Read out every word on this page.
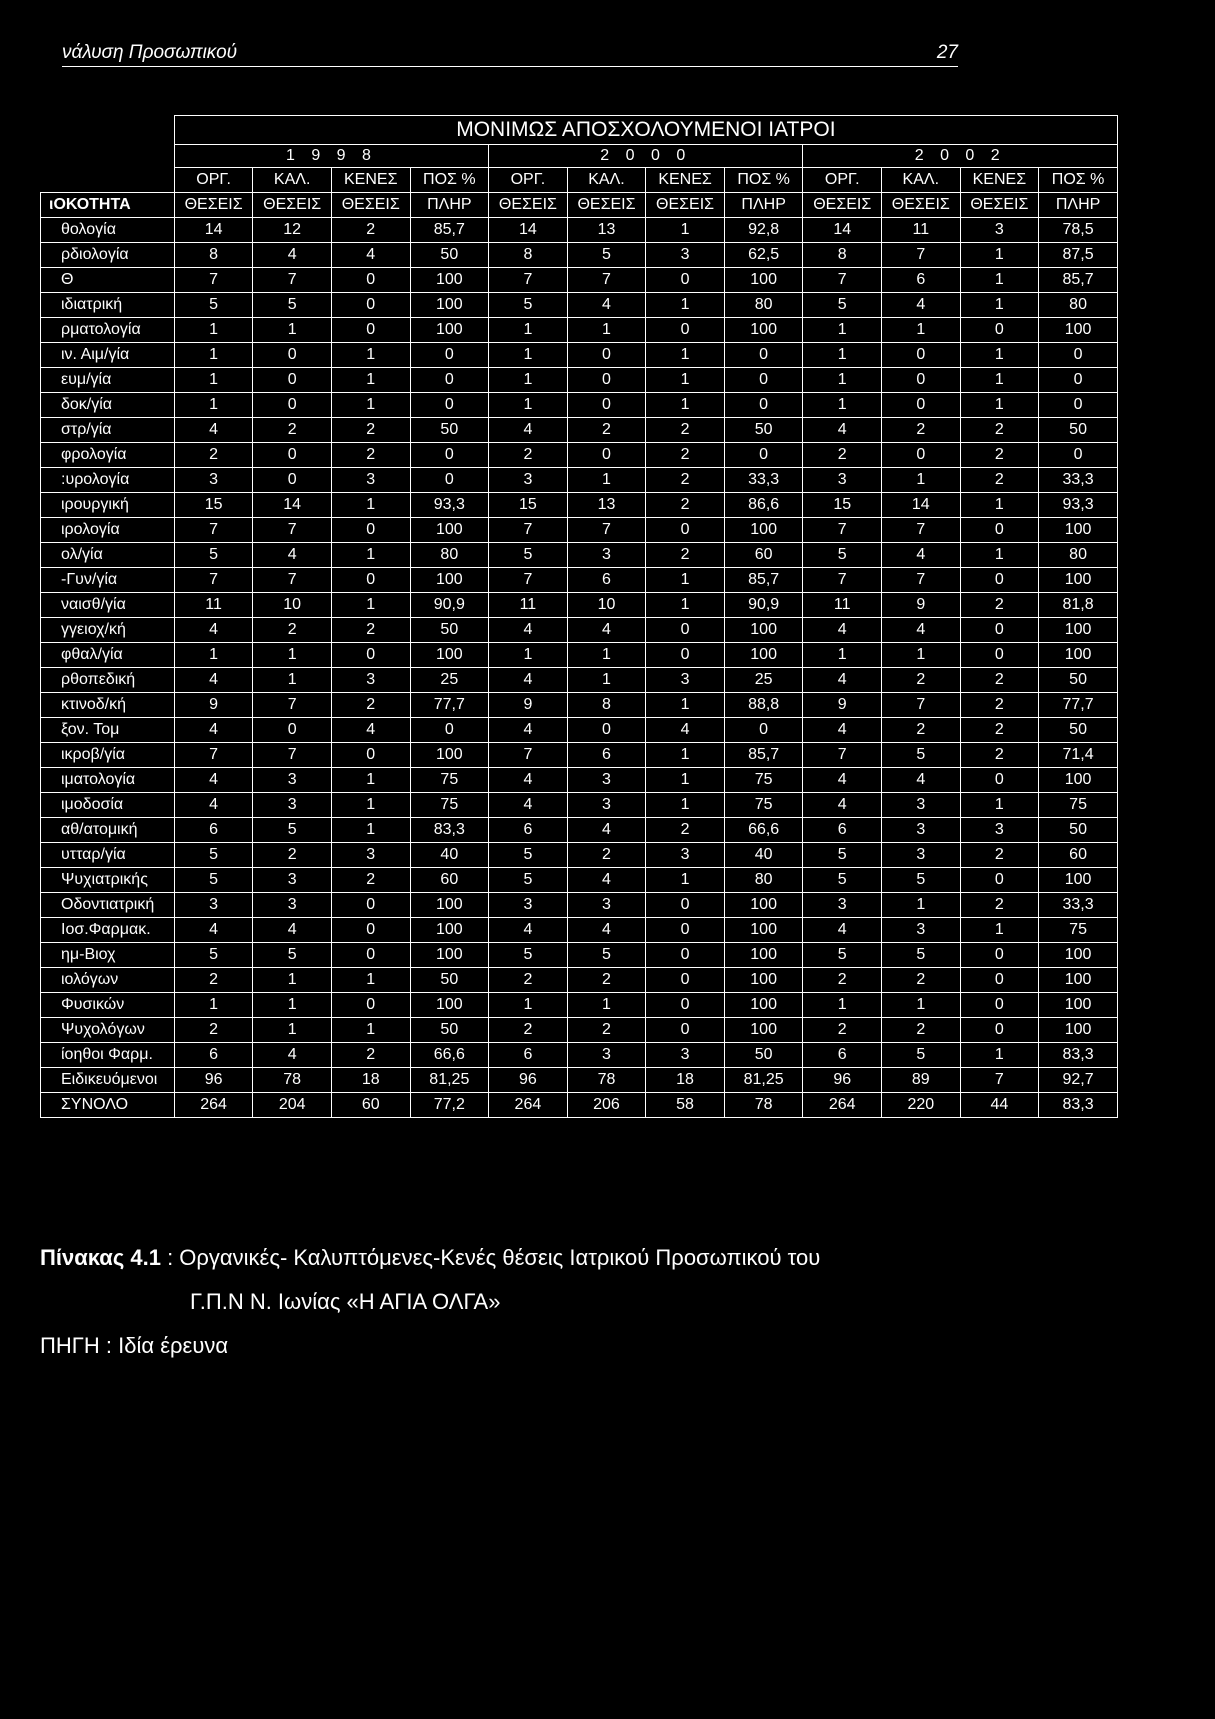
νάλυση Προσωπικού	27
	ΜΟΝΙΜΩΣ ΑΠΟΣΧΟΛΟΥΜΕΝΟΙ ΙΑΤΡΟΙ											
	1 9 9 8				2 0 0 0				2 0 0 2			
	ΟΡΓ.	ΚΑΛ.	ΚΕΝΕΣ	ΠΟΣ %	ΟΡΓ.	ΚΑΛ.	ΚΕΝΕΣ	ΠΟΣ %	ΟΡΓ.	ΚΑΛ.	ΚΕΝΕΣ	ΠΟΣ %
ιΟΚΟΤΗΤΑ	ΘΕΣΕΙΣ	ΘΕΣΕΙΣ	ΘΕΣΕΙΣ	ΠΛΗΡ	ΘΕΣΕΙΣ	ΘΕΣΕΙΣ	ΘΕΣΕΙΣ	ΠΛΗΡ	ΘΕΣΕΙΣ	ΘΕΣΕΙΣ	ΘΕΣΕΙΣ	ΠΛΗΡ
θολογία	14	12	2	85,7	14	13	1	92,8	14	11	3	78,5
ρδιολογία	8	4	4	50	8	5	3	62,5	8	7	1	87,5
Θ	7	7	0	100	7	7	0	100	7	6	1	85,7
ιδιατρική	5	5	0	100	5	4	1	80	5	4	1	80
ρματολογία	1	1	0	100	1	1	0	100	1	1	0	100
ιν. Αιμ/γία	1	0	1	0	1	0	1	0	1	0	1	0
ευμ/γία	1	0	1	0	1	0	1	0	1	0	1	0
δοκ/γία	1	0	1	0	1	0	1	0	1	0	1	0
στρ/γία	4	2	2	50	4	2	2	50	4	2	2	50
φρολογία	2	0	2	0	2	0	2	0	2	0	2	0
:υρολογία	3	0	3	0	3	1	2	33,3	3	1	2	33,3
ιρουργική	15	14	1	93,3	15	13	2	86,6	15	14	1	93,3
ιρολογία	7	7	0	100	7	7	0	100	7	7	0	100
ολ/γία	5	4	1	80	5	3	2	60	5	4	1	80
-Γυν/γία	7	7	0	100	7	6	1	85,7	7	7	0	100
ναισθ/γία	11	10	1	90,9	11	10	1	90,9	11	9	2	81,8
γγειοχ/κή	4	2	2	50	4	4	0	100	4	4	0	100
φθαλ/γία	1	1	0	100	1	1	0	100	1	1	0	100
ρθοπεδική	4	1	3	25	4	1	3	25	4	2	2	50
κτινοδ/κή	9	7	2	77,7	9	8	1	88,8	9	7	2	77,7
ξον. Τομ	4	0	4	0	4	0	4	0	4	2	2	50
ικροβ/γία	7	7	0	100	7	6	1	85,7	7	5	2	71,4
ιματολογία	4	3	1	75	4	3	1	75	4	4	0	100
ιμοδοσία	4	3	1	75	4	3	1	75	4	3	1	75
αθ/ατομική	6	5	1	83,3	6	4	2	66,6	6	3	3	50
υτταρ/γία	5	2	3	40	5	2	3	40	5	3	2	60
Ψυχιατρικής	5	3	2	60	5	4	1	80	5	5	0	100
Οδοντιατρική	3	3	0	100	3	3	0	100	3	1	2	33,3
Ιοσ.Φαρμακ.	4	4	0	100	4	4	0	100	4	3	1	75
ημ-Βιοχ	5	5	0	100	5	5	0	100	5	5	0	100
ιολόγων	2	1	1	50	2	2	0	100	2	2	0	100
Φυσικών	1	1	0	100	1	1	0	100	1	1	0	100
Ψυχολόγων	2	1	1	50	2	2	0	100	2	2	0	100
ίοηθοι Φαρμ.	6	4	2	66,6	6	3	3	50	6	5	1	83,3
Ειδικευόμενοι	96	78	18	81,25	96	78	18	81,25	96	89	7	92,7
ΣΥΝΟΛΟ	264	204	60	77,2	264	206	58	78	264	220	44	83,3
Πίνακας 4.1 : Οργανικές- Καλυπτόμενες-Κενές θέσεις Ιατρικού Προσωπικού του
Γ.Π.Ν Ν. Ιωνίας «Η ΑΓΙΑ ΟΛΓΑ»
ΠΗΓΗ : Ιδία έρευνα
